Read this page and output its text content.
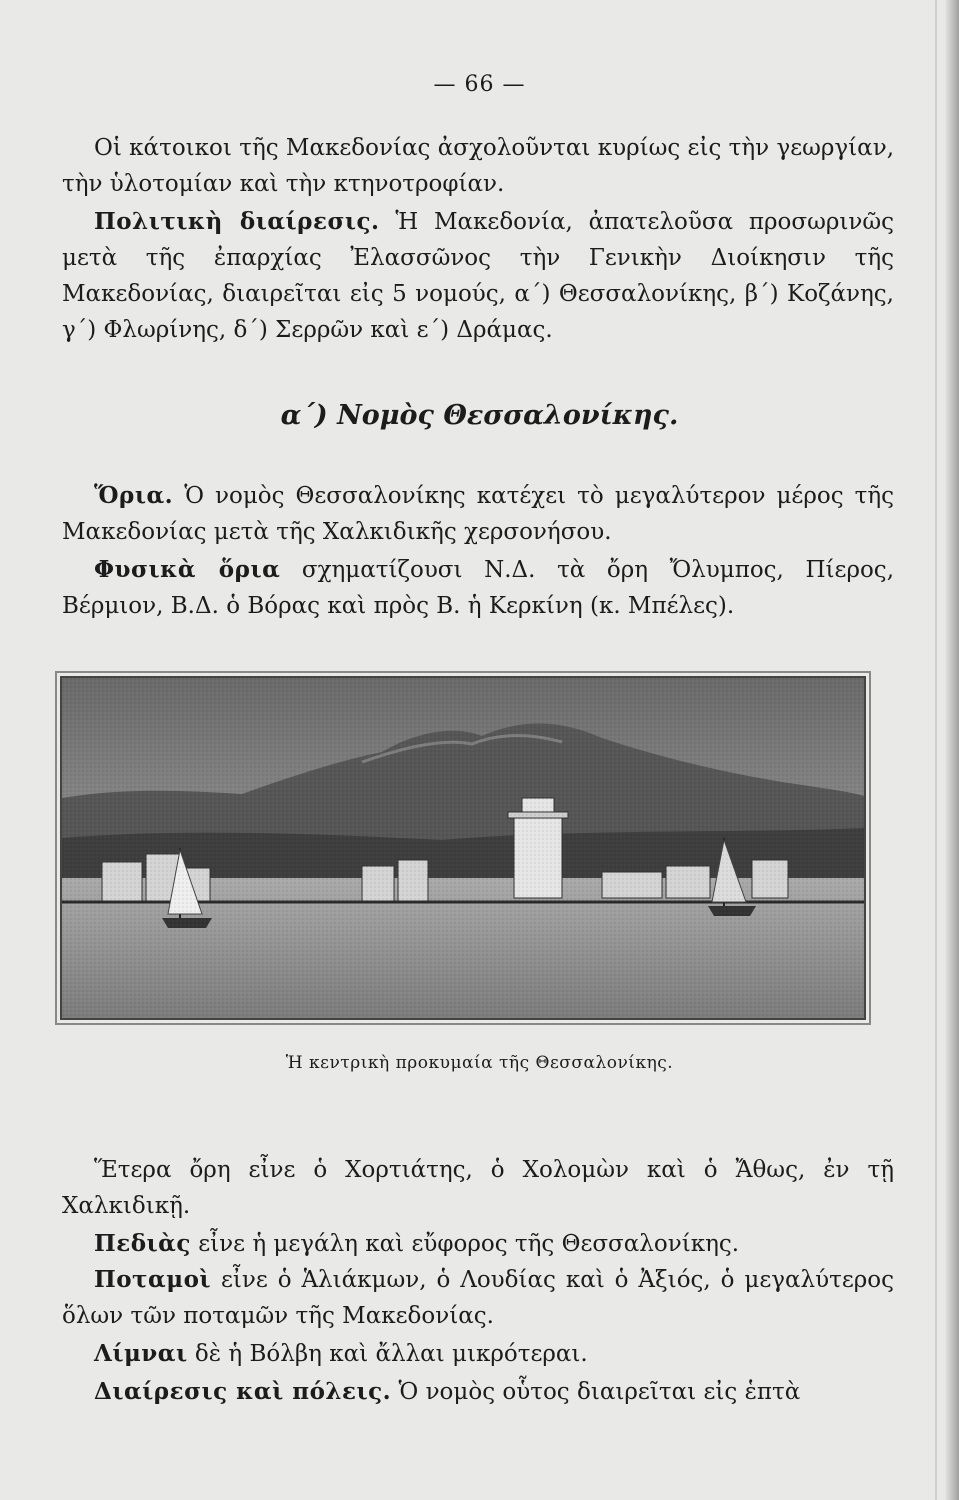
— 66 —

Οἱ κάτοικοι τῆς Μακεδονίας ἀσχολοῦνται κυρίως εἰς τὴν γεωργίαν, τὴν ὑλοτομίαν καὶ τὴν κτηνοτροφίαν.

Πολιτικὴ διαίρεσις. Ἡ Μακεδονία, ἀπατελοῦσα προσωρινῶς μετὰ τῆς ἐπαρχίας Ἐλασσῶνος τὴν Γενικὴν Διοίκησιν τῆς Μακεδονίας, διαιρεῖται εἰς 5 νομούς, α΄) Θεσσαλονίκης, β΄) Κοζάνης, γ΄) Φλωρίνης, δ΄) Σερρῶν καὶ ε΄) Δράμας.

α΄) Νομὸς Θεσσαλονίκης.

Ὅρια. Ὁ νομὸς Θεσσαλονίκης κατέχει τὸ μεγαλύτερον μέρος τῆς Μακεδονίας μετὰ τῆς Χαλκιδικῆς χερσονήσου.

Φυσικὰ ὅρια σχηματίζουσι Ν.Δ. τὰ ὄρη Ὄλυμπος, Πίερος, Βέρμιον, Β.Δ. ὁ Βόρας καὶ πρὸς Β. ἡ Κερκίνη (κ. Μπέλες).

Ἡ κεντρικὴ προκυμαία τῆς Θεσσαλονίκης.

Ἕτερα ὄρη εἶνε ὁ Χορτιάτης, ὁ Χολομὼν καὶ ὁ Ἄθως, ἐν τῇ Χαλκιδικῇ.

Πεδιὰς εἶνε ἡ μεγάλη καὶ εὔφορος τῆς Θεσσαλονίκης.

Ποταμοὶ εἶνε ὁ Ἁλιάκμων, ὁ Λουδίας καὶ ὁ Ἀξιός, ὁ μεγαλύτερος ὅλων τῶν ποταμῶν τῆς Μακεδονίας.

Λίμναι δὲ ἡ Βόλβη καὶ ἄλλαι μικρότεραι.

Διαίρεσις καὶ πόλεις. Ὁ νομὸς οὗτος διαιρεῖται εἰς ἑπτὰ
